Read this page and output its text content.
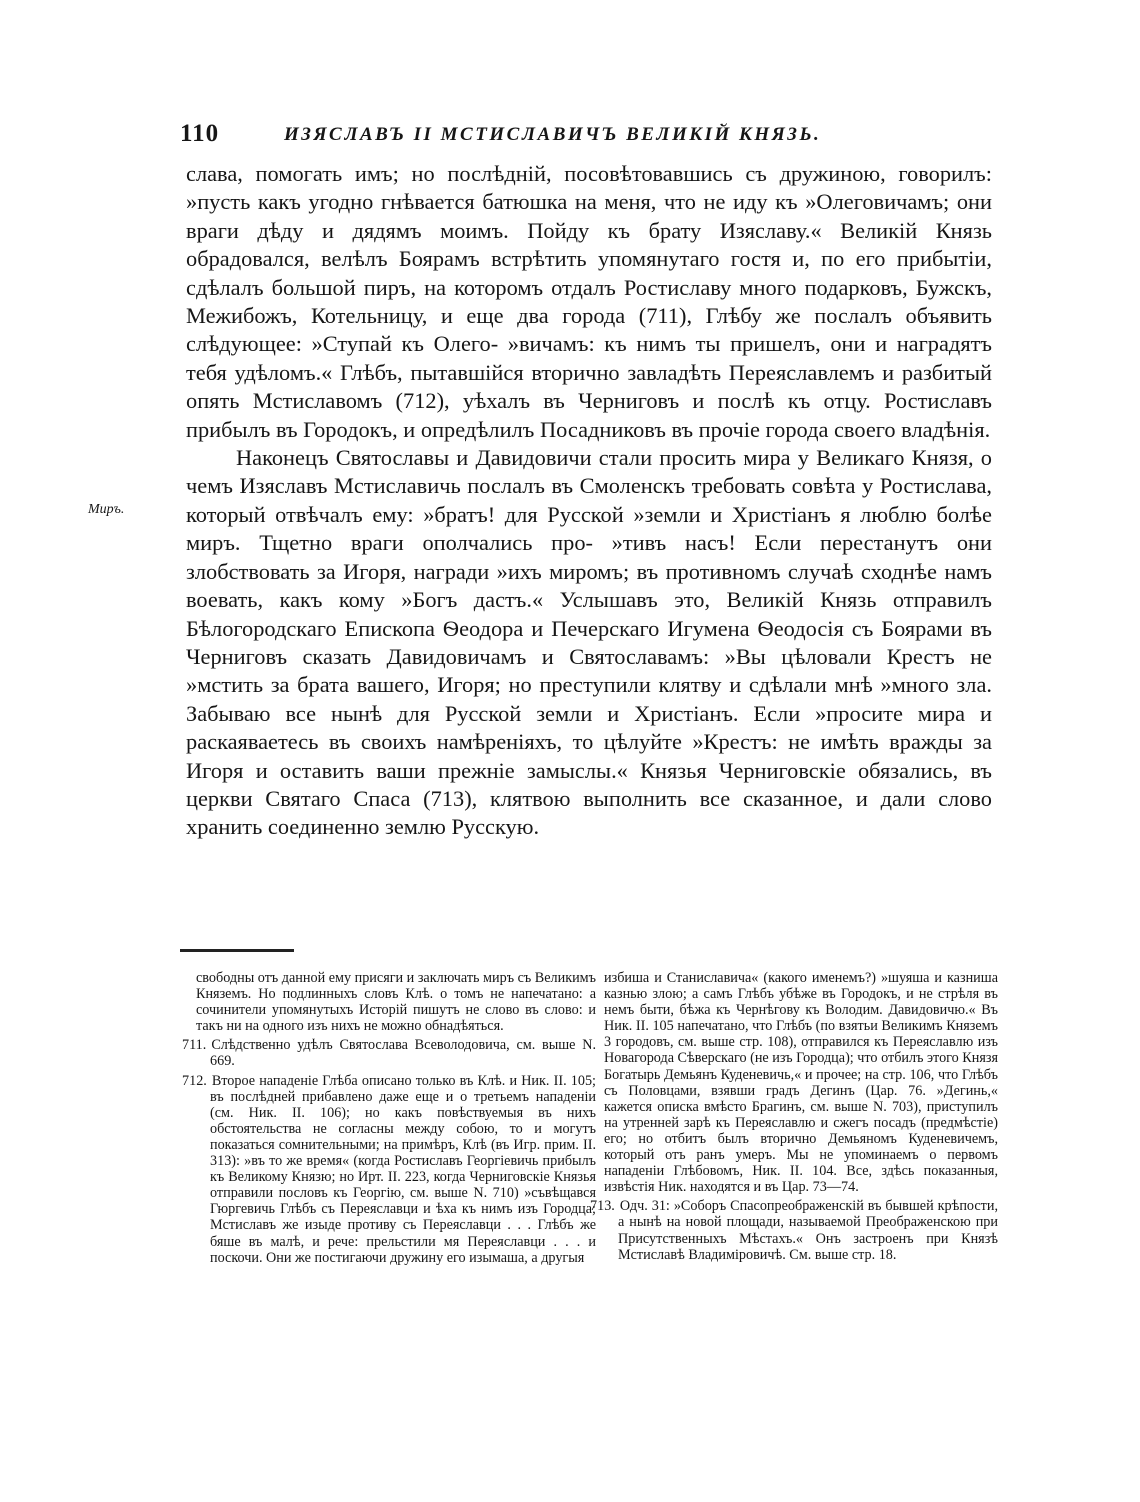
110	ИЗЯСЛАВЪ II МСТИСЛАВИЧЪ ВЕЛИКІЙ КНЯЗЬ.

слава, помогать имъ; но послѣдній, посовѣтовавшись съ дружиною, говорилъ: »пусть какъ угодно гнѣвается батюшка на меня, что не иду къ »Олеговичамъ; они враги дѣду и дядямъ моимъ. Пойду къ брату Изяславу.« Великій Князь обрадовался, велѣлъ Боярамъ встрѣтить упомянутаго гостя и, по его прибытіи, сдѣлалъ большой пиръ, на которомъ отдалъ Ростиславу много подарковъ, Бужскъ, Межибожъ, Котельницу, и еще два города (711), Глѣбу же послалъ объявить слѣдующее: »Ступай къ Олего- »вичамъ: къ нимъ ты пришелъ, они и наградятъ тебя удѣломъ.« Глѣбъ, пытавшійся вторично завладѣть Переяславлемъ и разбитый опять Мстиславомъ (712), уѣхалъ въ Черниговъ и послѣ къ отцу. Ростиславъ прибылъ въ Городокъ, и опредѣлилъ Посадниковъ въ прочіе города своего владѣнія.

Наконецъ Святославы и Давидовичи стали просить мира у Великаго Князя, о чемъ Изяславъ Мстиславичь послалъ въ Смоленскъ требовать совѣта у Ростислава, который отвѣчалъ ему: »братъ! для Русской »земли и Христіанъ я люблю болѣе миръ. Тщетно враги ополчались про- »тивъ насъ! Если перестанутъ они злобствовать за Игоря, награди »ихъ миромъ; въ противномъ случаѣ сходнѣе намъ воевать, какъ кому »Богъ дастъ.« Услышавъ это, Великій Князь отправилъ Бѣлогородскаго Епископа Ѳеодора и Печерскаго Игумена Ѳеодосія съ Боярами въ Черниговъ сказать Давидовичамъ и Святославамъ: »Вы цѣловали Крестъ не »мстить за брата вашего, Игоря; но преступили клятву и сдѣлали мнѣ »много зла. Забываю все нынѣ для Русской земли и Христіанъ. Если »просите мира и раскаяваетесь въ своихъ намѣреніяхъ, то цѣлуйте »Крестъ: не имѣть вражды за Игоря и оставить ваши прежніе замыслы.« Князья Черниговскіе обязались, въ церкви Святаго Спаса (713), клятвою выполнить все сказанное, и дали слово хранить соединенно землю Русскую.

Миръ.

свободны отъ данной ему присяги и заключать миръ съ Великимъ Княземъ. Но подлинныхъ словъ Клѣ. о томъ не напечатано: а сочинители упомянутыхъ Исторій пишутъ не слово въ слово: и такъ ни на одного изъ нихъ не можно обнадѣяться.

711. Слѣдственно удѣлъ Святослава Всеволодовича, см. выше N. 669.

712. Второе нападеніе Глѣба описано только въ Клѣ. и Ник. II. 105; въ послѣдней прибавлено даже еще и о третьемъ нападеніи (см. Ник. II. 106); но какъ повѣствуемыя въ нихъ обстоятельства не согласны между собою, то и могутъ показаться сомнительными; на примѣръ, Клѣ (въ Игр. прим. II. 313): »въ то же время« (когда Ростиславъ Георгіевичь прибылъ къ Великому Князю; но Ирт. II. 223, когда Черниговскіе Князья отправили пословъ къ Георгію, см. выше N. 710) »съвѣщався Гюргевичь Глѣбъ съ Переяславци и ѣха къ нимъ изъ Городца; Мстиславъ же изыде противу съ Переяславци . . . Глѣбъ же бяше въ малѣ, и рече: прельстили мя Переяславци . . . и поскочи. Они же постигаючи дружину его изымаша, а другыя

избиша и Станиславича« (какого именемъ?) »шуяша и казниша казнью злою; а самъ Глѣбъ убѣже въ Городокъ, и не стрѣля въ немъ быти, бѣжа къ Чернѣгову къ Володим. Давидовичю.« Въ Ник. II. 105 напечатано, что Глѣбъ (по взятьи Великимъ Княземъ 3 городовъ, см. выше стр. 108), отправился къ Переяславлю изъ Новагорода Сѣверскаго (не изъ Городца); что отбилъ этого Князя Богатырь Демьянъ Куденевичь,« и прочее; на стр. 106, что Глѣбъ съ Половцами, взявши градъ Дегинъ (Цар. 76. »Дегинь,« кажется описка вмѣсто Брагинъ, см. выше N. 703), приступилъ на утренней зарѣ къ Переяславлю и сжегъ посадъ (предмѣстіе) его; но отбитъ былъ вторично Демьяномъ Куденевичемъ, который отъ ранъ умеръ. Мы не упоминаемъ о первомъ нападеніи Глѣбовомъ, Ник. II. 104. Все, здѣсь показанныя, извѣстія Ник. находятся и въ Цар. 73—74.

713. Одч. 31: »Соборъ Спасопреображенскій въ бывшей крѣпости, а нынѣ на новой площади, называемой Преображенскою при Присутственныхъ Мѣстахъ.« Онъ застроенъ при Князѣ Мстиславѣ Владиміровичѣ. См. выше стр. 18.
